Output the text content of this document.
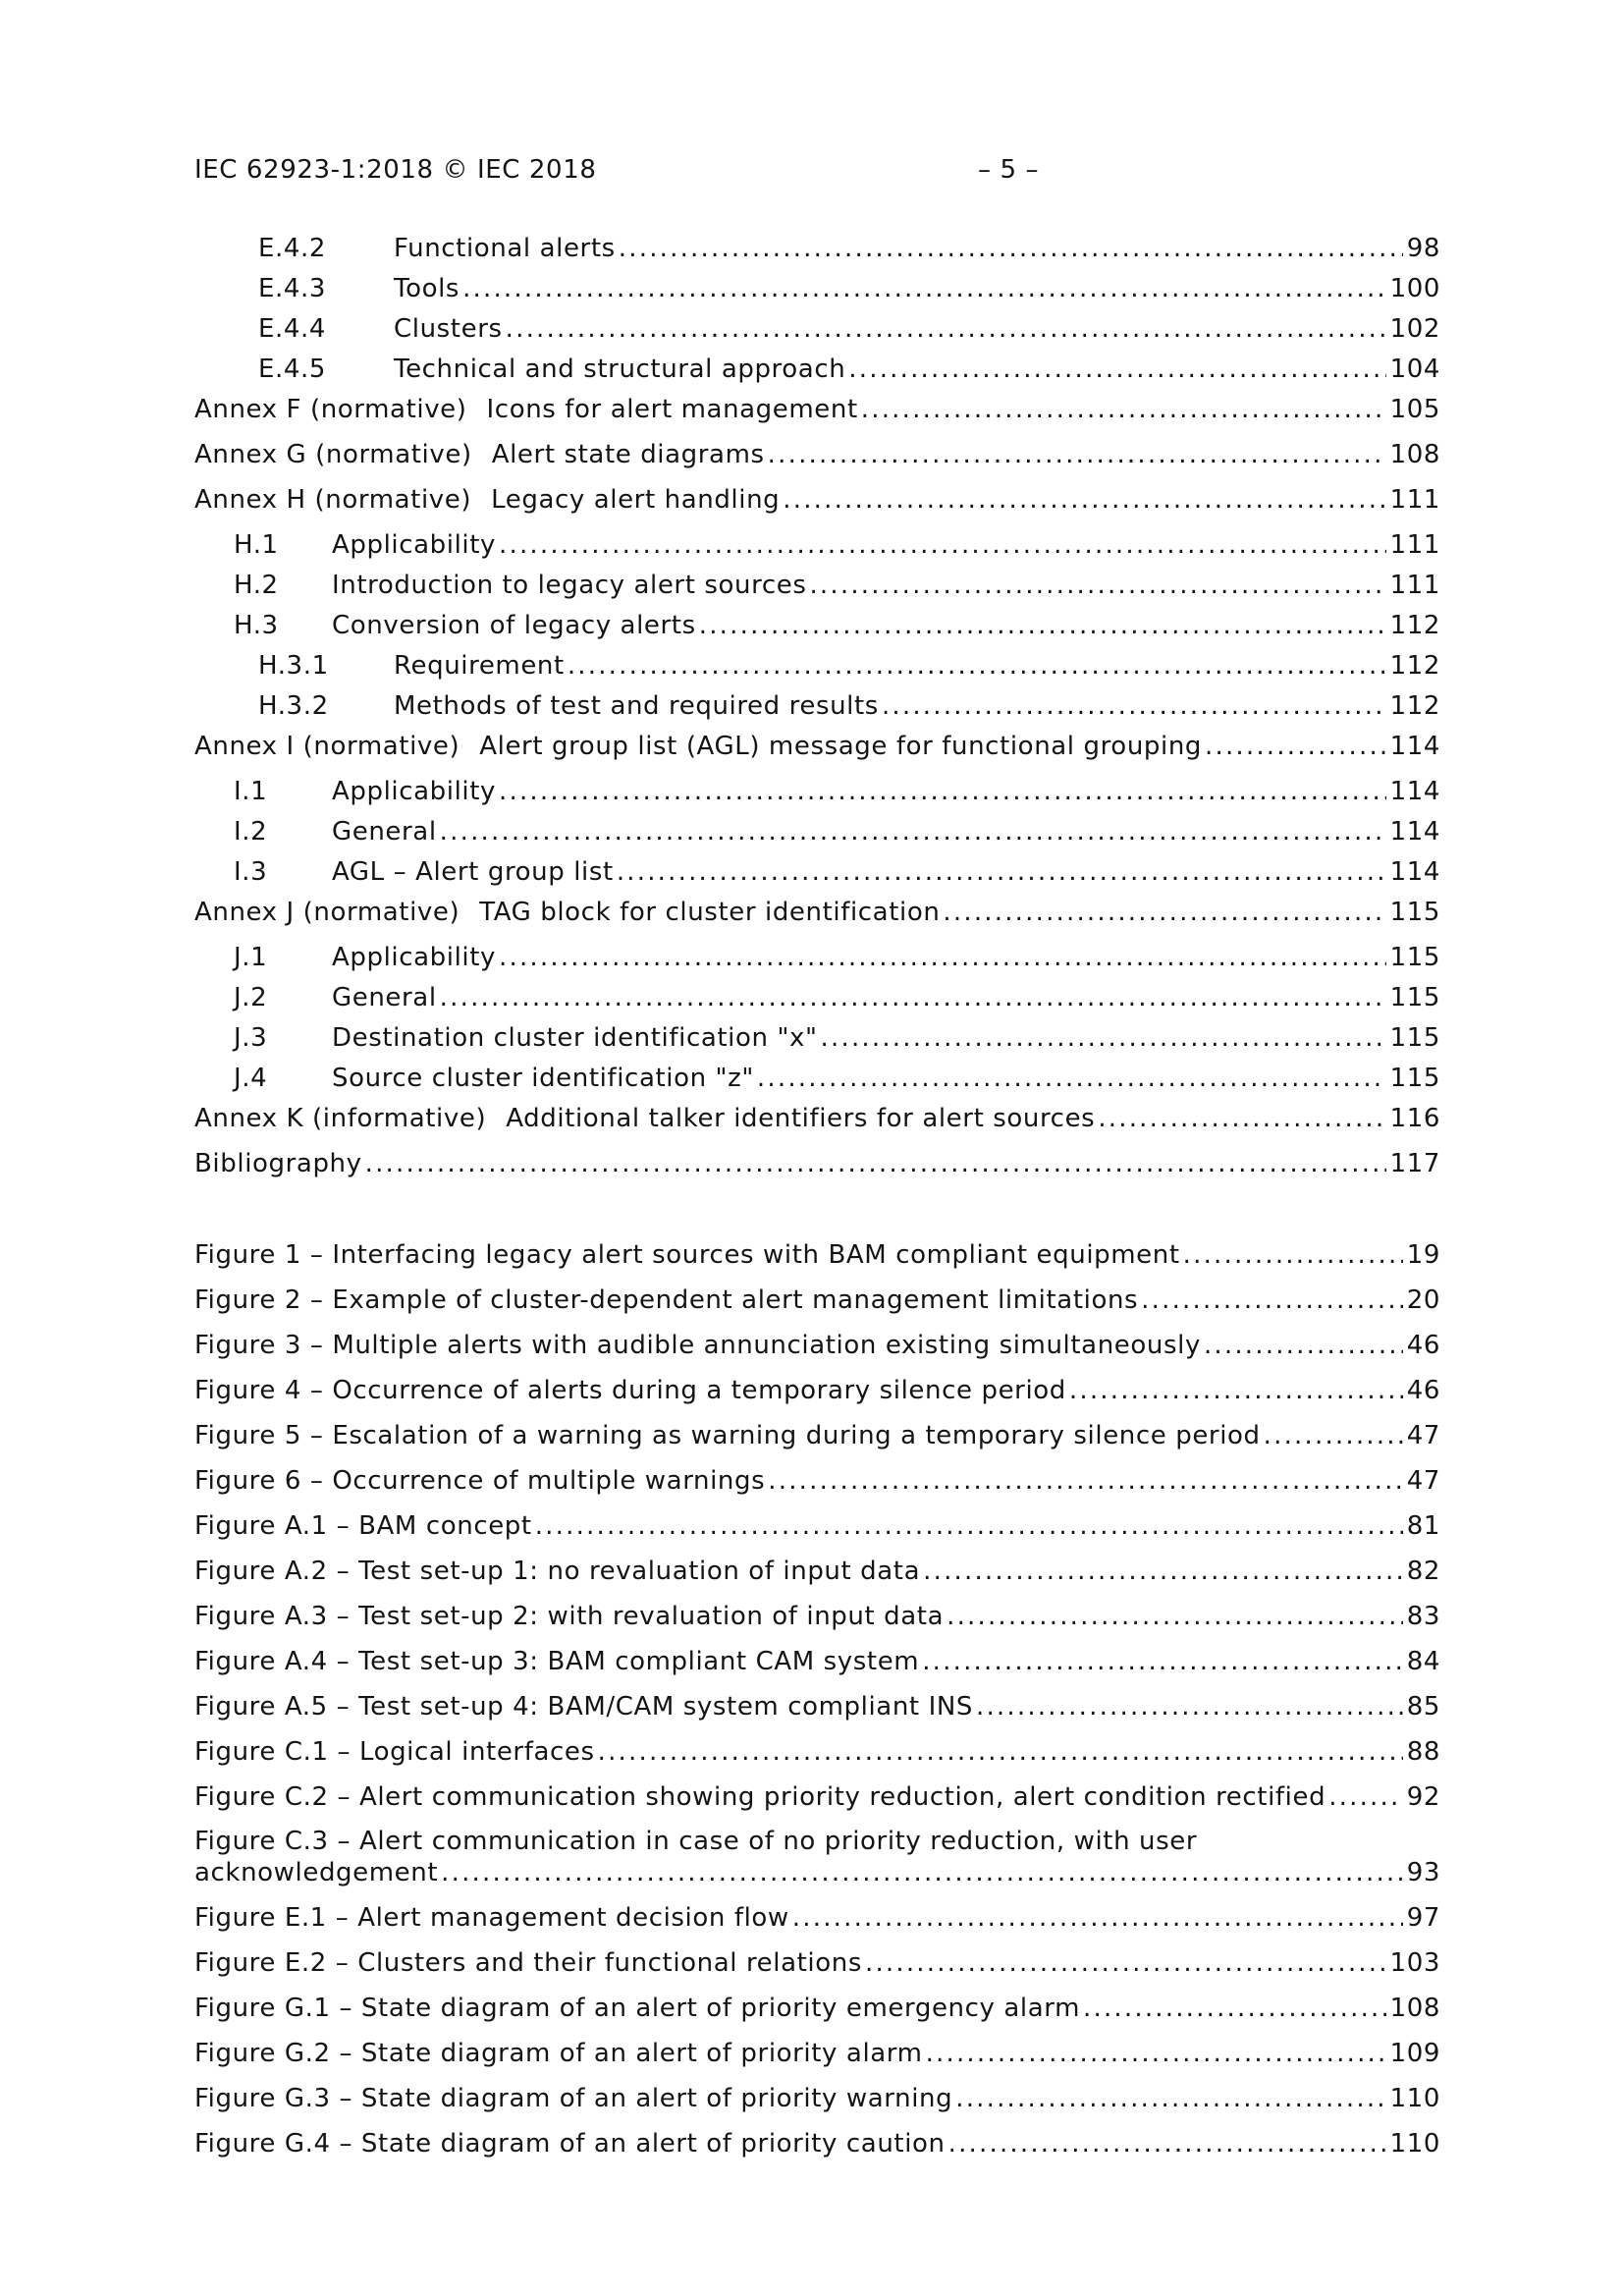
IEC 62923-1:2018 © IEC 2018	– 5 –
E.4.2	Functional alerts .....	98
E.4.3	Tools .....	100
E.4.4	Clusters .....	102
E.4.5	Technical and structural approach .....	104
Annex F (normative) Icons for alert management .....	105
Annex G (normative) Alert state diagrams .....	108
Annex H (normative) Legacy alert handling .....	111
H.1	Applicability .....	111
H.2	Introduction to legacy alert sources .....	111
H.3	Conversion of legacy alerts .....	112
H.3.1	Requirement .....	112
H.3.2	Methods of test and required results .....	112
Annex I (normative) Alert group list (AGL) message for functional grouping .....	114
I.1	Applicability .....	114
I.2	General .....	114
I.3	AGL – Alert group list .....	114
Annex J (normative) TAG block for cluster identification .....	115
J.1	Applicability .....	115
J.2	General .....	115
J.3	Destination cluster identification "x" .....	115
J.4	Source cluster identification "z" .....	115
Annex K (informative) Additional talker identifiers for alert sources .....	116
Bibliography .....	117
Figure 1 – Interfacing legacy alert sources with BAM compliant equipment .....	19
Figure 2 – Example of cluster-dependent alert management limitations .....	20
Figure 3 – Multiple alerts with audible annunciation existing simultaneously .....	46
Figure 4 – Occurrence of alerts during a temporary silence period .....	46
Figure 5 – Escalation of a warning as warning during a temporary silence period .....	47
Figure 6 – Occurrence of multiple warnings .....	47
Figure A.1 – BAM concept .....	81
Figure A.2 – Test set-up 1: no revaluation of input data .....	82
Figure A.3 – Test set-up 2: with revaluation of input data .....	83
Figure A.4 – Test set-up 3: BAM compliant CAM system .....	84
Figure A.5 – Test set-up 4: BAM/CAM system compliant INS .....	85
Figure C.1 – Logical interfaces .....	88
Figure C.2 – Alert communication showing priority reduction, alert condition rectified .....	92
Figure C.3 – Alert communication in case of no priority reduction, with user
acknowledgement .....	93
Figure E.1 – Alert management decision flow .....	97
Figure E.2 – Clusters and their functional relations .....	103
Figure G.1 – State diagram of an alert of priority emergency alarm .....	108
Figure G.2 – State diagram of an alert of priority alarm .....	109
Figure G.3 – State diagram of an alert of priority warning .....	110
Figure G.4 – State diagram of an alert of priority caution .....	110
